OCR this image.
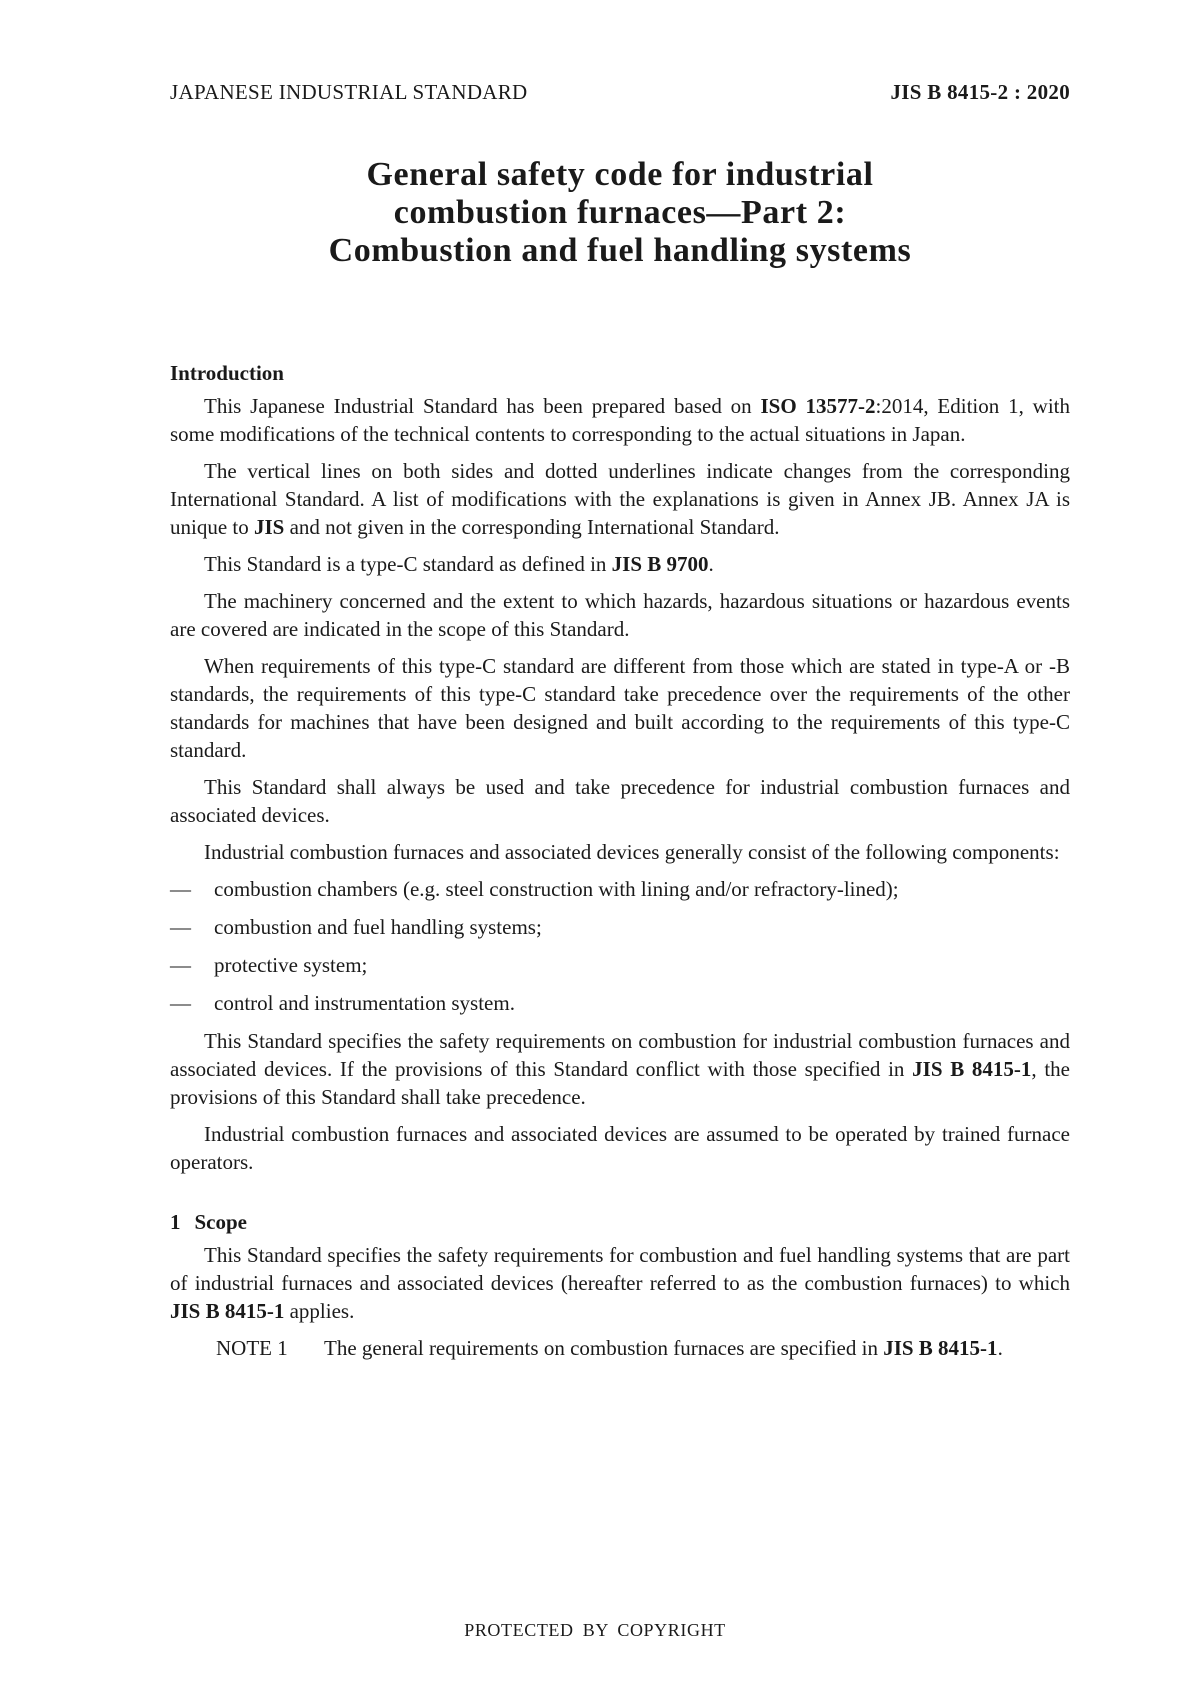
JAPANESE INDUSTRIAL STANDARD	JIS B 8415-2 : 2020
General safety code for industrial
combustion furnaces—Part 2:
Combustion and fuel handling systems
Introduction
This Japanese Industrial Standard has been prepared based on ISO 13577-2:2014, Edition 1, with some modifications of the technical contents to corresponding to the actual situations in Japan.
The vertical lines on both sides and dotted underlines indicate changes from the corresponding International Standard. A list of modifications with the explanations is given in Annex JB. Annex JA is unique to JIS and not given in the corresponding International Standard.
This Standard is a type-C standard as defined in JIS B 9700.
The machinery concerned and the extent to which hazards, hazardous situations or hazardous events are covered are indicated in the scope of this Standard.
When requirements of this type-C standard are different from those which are stated in type-A or -B standards, the requirements of this type-C standard take precedence over the requirements of the other standards for machines that have been designed and built according to the requirements of this type-C standard.
This Standard shall always be used and take precedence for industrial combustion furnaces and associated devices.
Industrial combustion furnaces and associated devices generally consist of the following components:
—	combustion chambers (e.g. steel construction with lining and/or refractory-lined);
—	combustion and fuel handling systems;
—	protective system;
—	control and instrumentation system.
This Standard specifies the safety requirements on combustion for industrial combustion furnaces and associated devices. If the provisions of this Standard conflict with those specified in JIS B 8415-1, the provisions of this Standard shall take precedence.
Industrial combustion furnaces and associated devices are assumed to be operated by trained furnace operators.
1 Scope
This Standard specifies the safety requirements for combustion and fuel handling systems that are part of industrial furnaces and associated devices (hereafter referred to as the combustion furnaces) to which JIS B 8415-1 applies.
NOTE 1	The general requirements on combustion furnaces are specified in JIS B 8415-1.
PROTECTED BY COPYRIGHT
